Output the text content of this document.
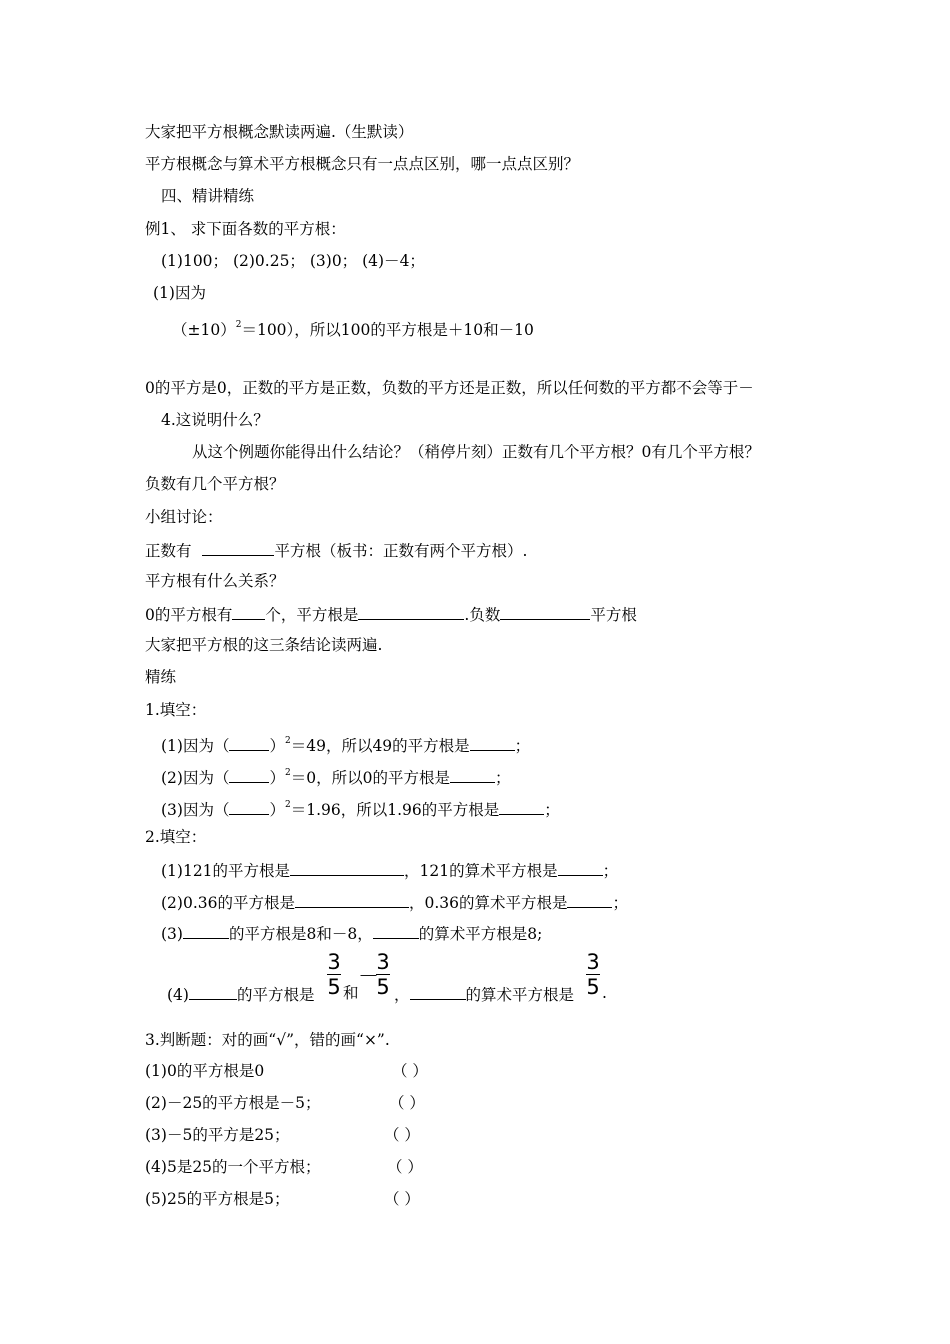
大家把平方根概念默读两遍.（生默读）
平方根概念与算术平方根概念只有一点点区别，哪一点点区别？
四、精讲精练
例1、 求下面各数的平方根：
(1)100； (2)0.25； (3)0； (4)－4；
(1)因为
$(\pm 10)^2=100$），所以100的平方根是＋10和－10
0的平方是0，正数的平方是正数，负数的平方还是正数，所以任何数的平方都不会等于－
4.这说明什么？
从这个例题你能得出什么结论？（稍停片刻）正数有几个平方根？0有几个平方根？
负数有几个平方根？
小组讨论：
正数有	平方根（板书：正数有两个平方根）.
平方根有什么关系？
0的平方根有 个，平方根是	.负数	平方根
大家把平方根的这三条结论读两遍.
精练
1.填空：
(1)因为（	）$^2$＝49，所以49的平方根是	；
(2)因为（	）$^2$＝0，所以0的平方根是	；
(3)因为（	）$^2$＝1.96，所以1.96的平方根是	；
2.填空：
(1)121的平方根是	，121的算术平方根是	；
(2)0.36的平方根是	，0.36的算术平方根是	；
(3)	的平方根是8和－8，	的算术平方根是8;
(4)	的平方根是
3
5 和
－
3
5 ，	的算术平方根是
3
5 .
3.判断题：对的画“√”，错的画“×”.
(1)0的平方根是0	（ ）
(2)－25的平方根是－5；	（ ）
(3)－5的平方是25；	（ ）
(4)5是25的一个平方根；	（ ）
(5)25的平方根是5；	（ ）
